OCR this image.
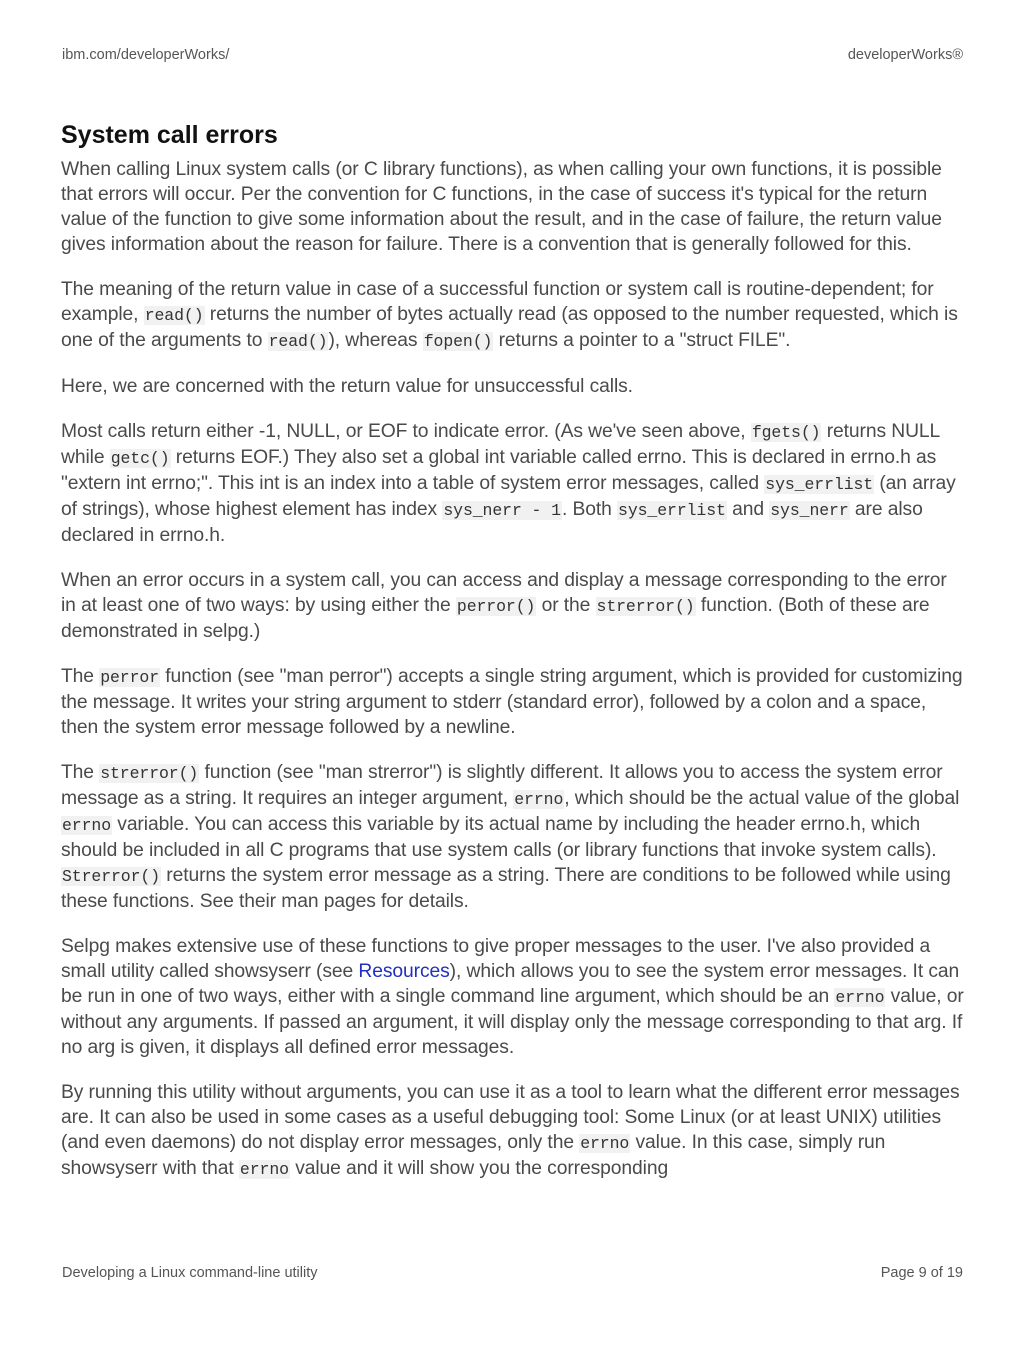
ibm.com/developerWorks/	developerWorks®
System call errors

When calling Linux system calls (or C library functions), as when calling your own functions, it is possible that errors will occur. Per the convention for C functions, in the case of success it's typical for the return value of the function to give some information about the result, and in the case of failure, the return value gives information about the reason for failure. There is a convention that is generally followed for this.

The meaning of the return value in case of a successful function or system call is routine-dependent; for example, read() returns the number of bytes actually read (as opposed to the number requested, which is one of the arguments to read()), whereas fopen() returns a pointer to a "struct FILE".

Here, we are concerned with the return value for unsuccessful calls.

Most calls return either -1, NULL, or EOF to indicate error. (As we've seen above, fgets() returns NULL while getc() returns EOF.) They also set a global int variable called errno. This is declared in errno.h as "extern int errno;". This int is an index into a table of system error messages, called sys_errlist (an array of strings), whose highest element has index sys_nerr - 1. Both sys_errlist and sys_nerr are also declared in errno.h.

When an error occurs in a system call, you can access and display a message corresponding to the error in at least one of two ways: by using either the perror() or the strerror() function. (Both of these are demonstrated in selpg.)

The perror function (see "man perror") accepts a single string argument, which is provided for customizing the message. It writes your string argument to stderr (standard error), followed by a colon and a space, then the system error message followed by a newline.

The strerror() function (see "man strerror") is slightly different. It allows you to access the system error message as a string. It requires an integer argument, errno, which should be the actual value of the global errno variable. You can access this variable by its actual name by including the header errno.h, which should be included in all C programs that use system calls (or library functions that invoke system calls). Strerror() returns the system error message as a string. There are conditions to be followed while using these functions. See their man pages for details.

Selpg makes extensive use of these functions to give proper messages to the user. I've also provided a small utility called showsyserr (see Resources), which allows you to see the system error messages. It can be run in one of two ways, either with a single command line argument, which should be an errno value, or without any arguments. If passed an argument, it will display only the message corresponding to that arg. If no arg is given, it displays all defined error messages.

By running this utility without arguments, you can use it as a tool to learn what the different error messages are. It can also be used in some cases as a useful debugging tool: Some Linux (or at least UNIX) utilities (and even daemons) do not display error messages, only the errno value. In this case, simply run showsyserr with that errno value and it will show you the corresponding

Developing a Linux command-line utility	Page 9 of 19
